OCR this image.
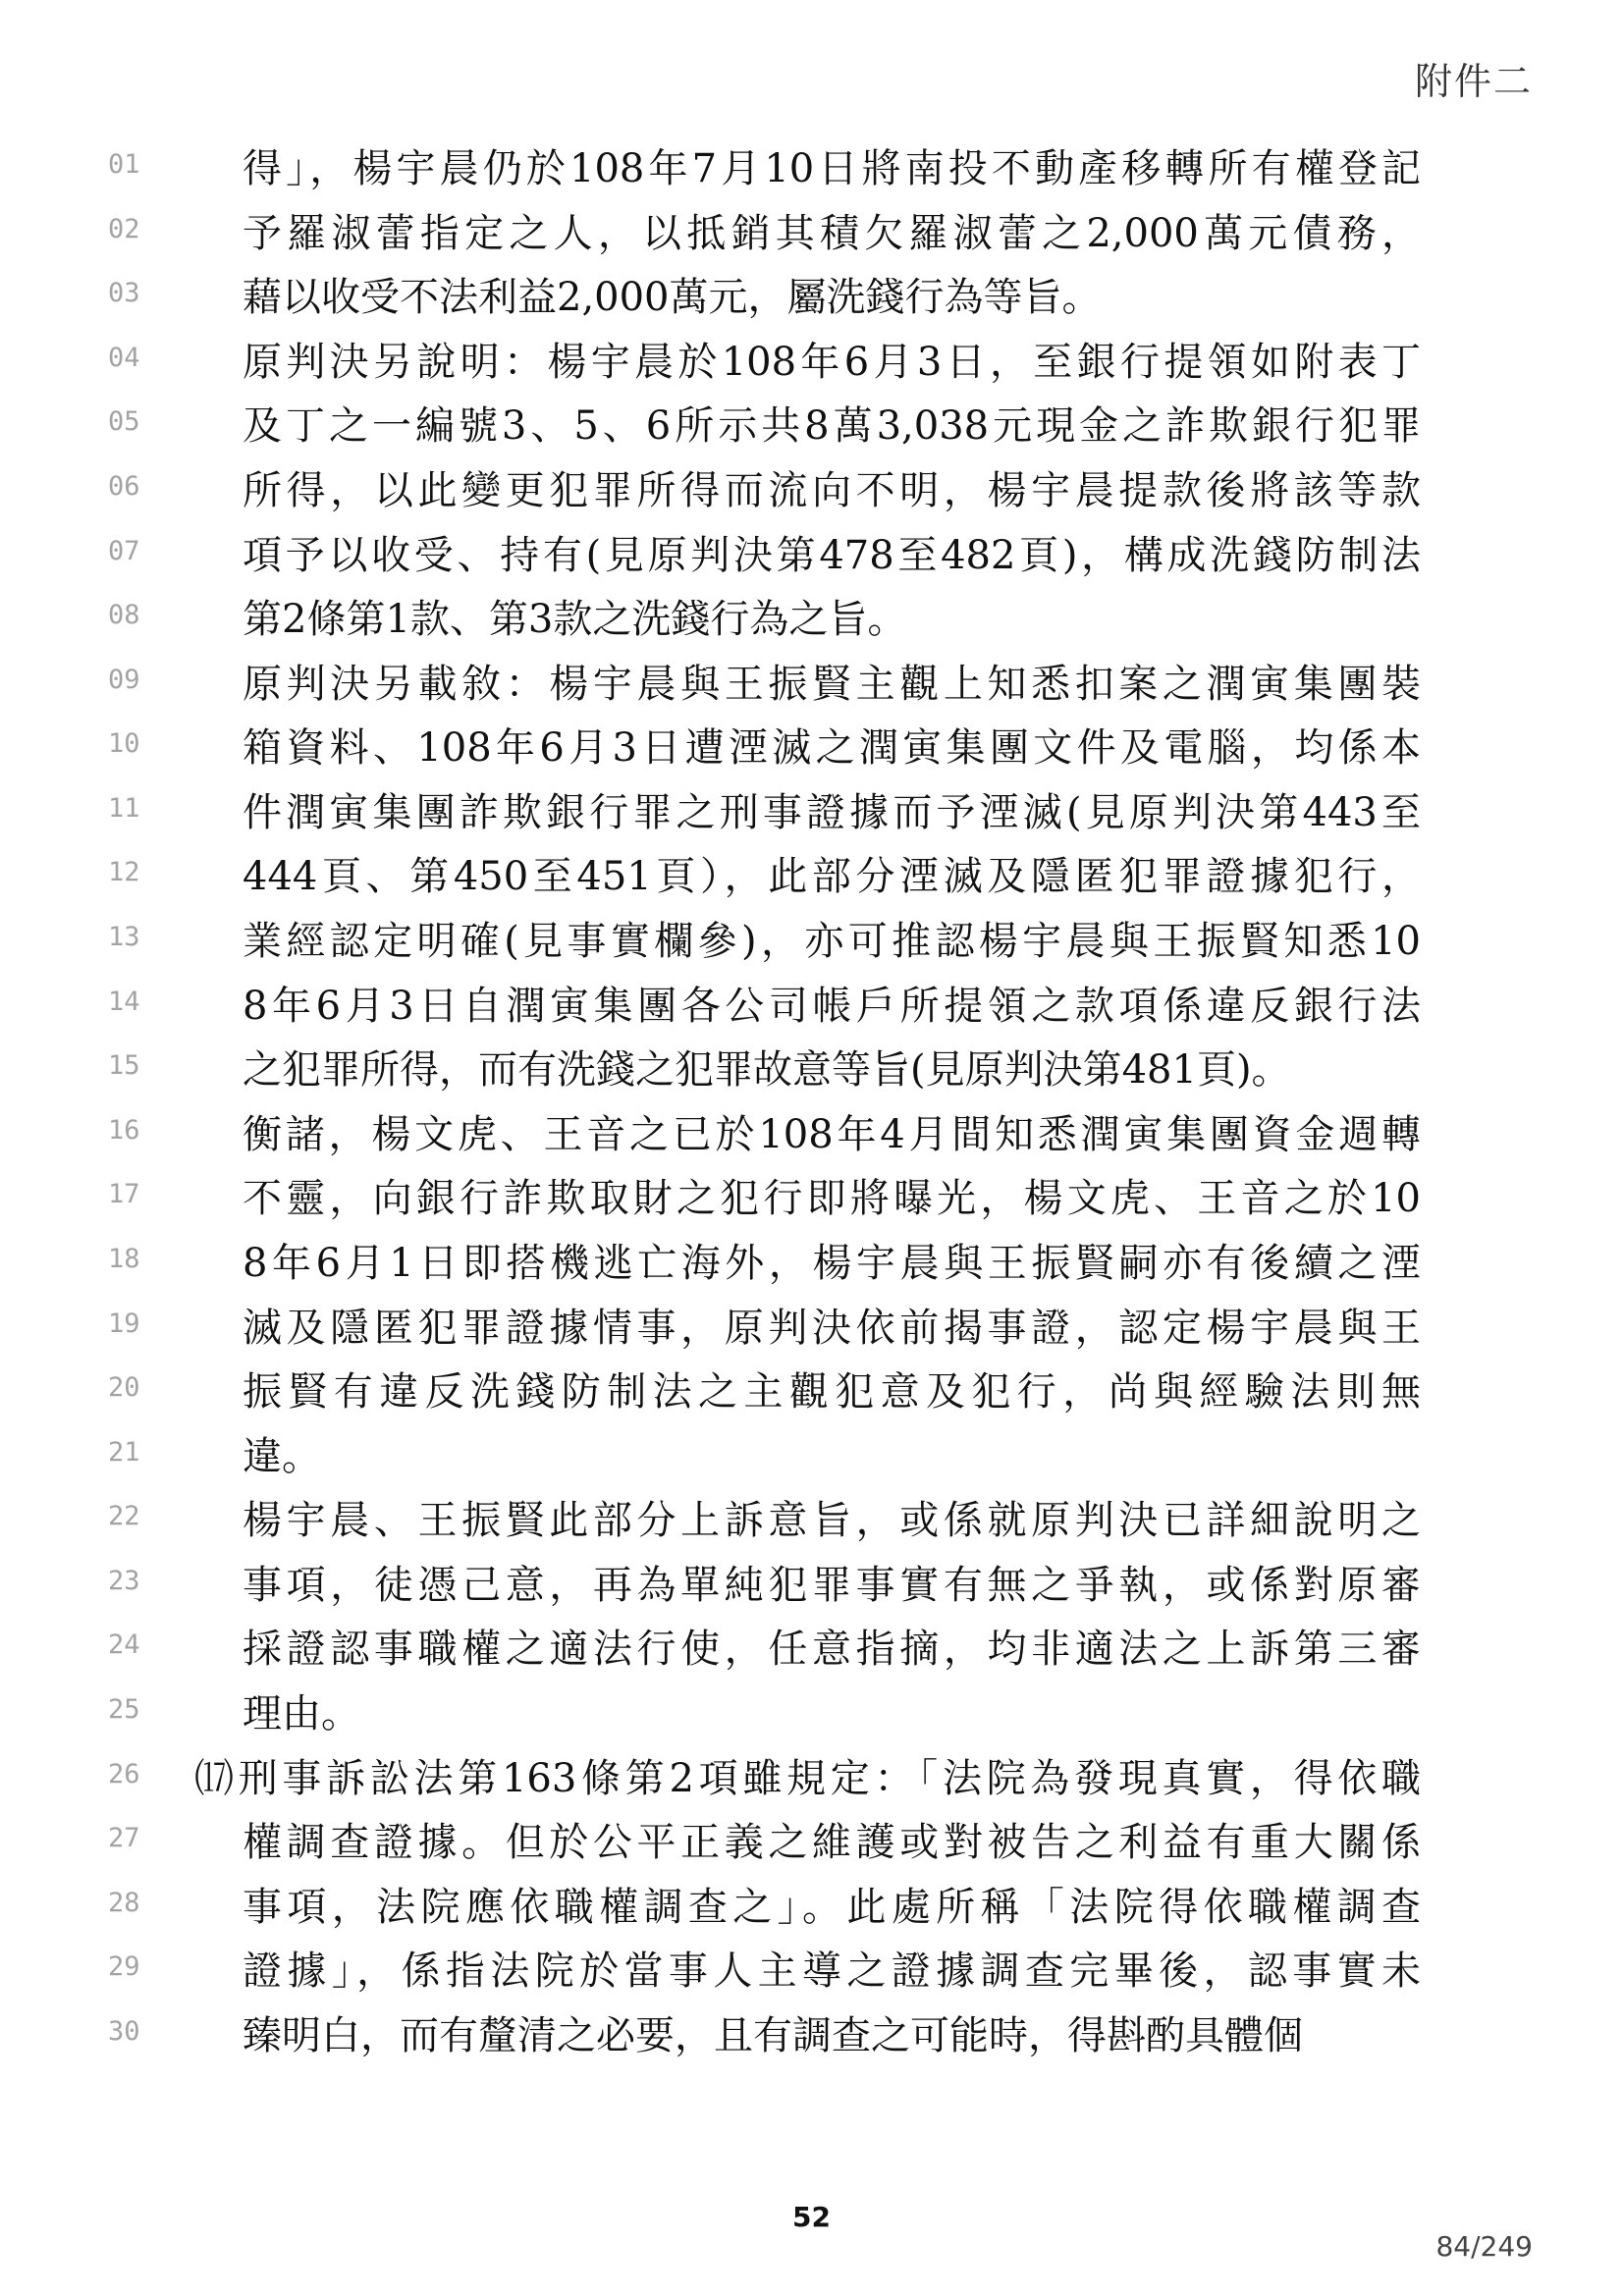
附件二
01	得」，楊宇晨仍於108年7月10日將南投不動產移轉所有權登記
02	予羅淑蕾指定之人，以抵銷其積欠羅淑蕾之2,000萬元債務，
03	藉以收受不法利益2,000萬元，屬洗錢行為等旨。
04	原判決另說明：楊宇晨於108年6月3日，至銀行提領如附表丁
05	及丁之一編號3、5、6所示共8萬3,038元現金之詐欺銀行犯罪
06	所得，以此變更犯罪所得而流向不明，楊宇晨提款後將該等款
07	項予以收受、持有(見原判決第478至482頁)，構成洗錢防制法
08	第2條第1款、第3款之洗錢行為之旨。
09	原判決另載敘：楊宇晨與王振賢主觀上知悉扣案之潤寅集團裝
10	箱資料、108年6月3日遭湮滅之潤寅集團文件及電腦，均係本
11	件潤寅集團詐欺銀行罪之刑事證據而予湮滅(見原判決第443至
12	444頁、第450至451頁），此部分湮滅及隱匿犯罪證據犯行，
13	業經認定明確(見事實欄參)，亦可推認楊宇晨與王振賢知悉10
14	8年6月3日自潤寅集團各公司帳戶所提領之款項係違反銀行法
15	之犯罪所得，而有洗錢之犯罪故意等旨(見原判決第481頁)。
16	衡諸，楊文虎、王音之已於108年4月間知悉潤寅集團資金週轉
17	不靈，向銀行詐欺取財之犯行即將曝光，楊文虎、王音之於10
18	8年6月1日即搭機逃亡海外，楊宇晨與王振賢嗣亦有後續之湮
19	滅及隱匿犯罪證據情事，原判決依前揭事證，認定楊宇晨與王
20	振賢有違反洗錢防制法之主觀犯意及犯行，尚與經驗法則無
21	違。
22	楊宇晨、王振賢此部分上訴意旨，或係就原判決已詳細說明之
23	事項，徒憑己意，再為單純犯罪事實有無之爭執，或係對原審
24	採證認事職權之適法行使，任意指摘，均非適法之上訴第三審
25	理由。
26	⒄刑事訴訟法第163條第2項雖規定：「法院為發現真實，得依職
27	權調查證據。但於公平正義之維護或對被告之利益有重大關係
28	事項，法院應依職權調查之」。此處所稱「法院得依職權調查
29	證據」，係指法院於當事人主導之證據調查完畢後，認事實未
30	臻明白，而有釐清之必要，且有調查之可能時，得斟酌具體個
52
84/249
